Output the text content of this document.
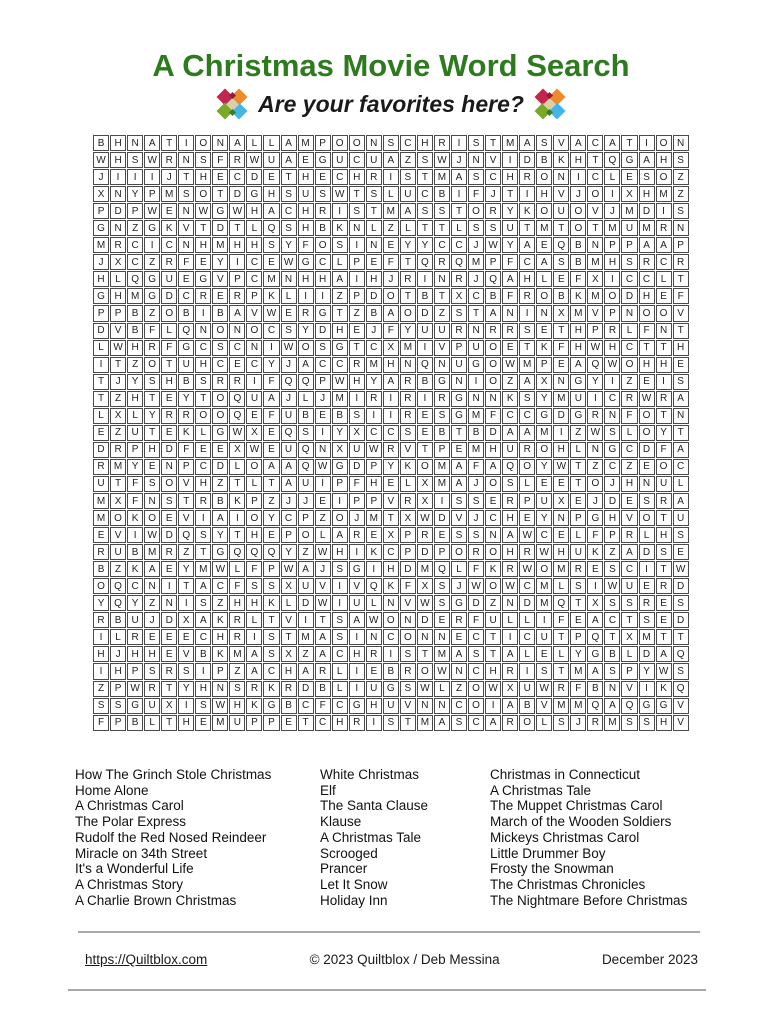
A Christmas Movie Word Search
Are your favorites here?
B	H N	A	T	I	O N	A	L	L	A M P O O N	S	C H R	I	S	T M A	S	V	A	C	A	T	I	O N
W H	S W R N	S	F	R W U	A	E G U C U	A	Z	S W J	N	V	I	D	B	K	H	T	Q G A	H	S
J	I	I	I	J	T	H	E	C D	E	T	H	E	C H R	I	S	T M A	S	C H R O N	I	C	L	E	S O	Z
X	N	Y	P M S O	T	D G H	S	U	S W T	S	L	U C	B	I	F	J	T	I	H	V	J	O	I	X	H M Z
P	D	P W E	N W G W H	A	C H R	I	S	T M A	S	S	T	O R	Y	K O U O V	J	M D	I	S
G N	Z	G K	V	T	D	T	L	Q S	H	B	K	N	L	Z	L	T	T	L	S	S	U	T M T	O	T M U M R N
M R C	I	C N H M H H	S	Y	F	O S	I	N	E	Y	Y	C C	J W Y	A	E Q B	N	P	P	A	A	P
J	X	C	Z	R	F	E	Y	I	C	E W G C	L	P	E	F	T	Q R Q M P	F	C	A	S	B M H	S	R C R
H	L	Q G U	E G V	P	C M N H H	A	I	H	J	R	I	N R	J	Q A	H	L	E	F	X	I	C C	L	T
G H M G D C R	E	R	P	K	L	I	I	Z	P	D O	T	B	T	X	C	B	F	R O B	K M O D H	E	F
P	P	B	Z	O B	I	B	A	V W E	R G	T	Z	B	A O D	Z	S	T	A	N	I	N	X M V	P	N O O V
D	V	B	F	L	Q N O N O C	S	Y	D H	E	J	F	Y	U U R N R R	S	E	T	H	P	R	L	F	N	T
L W H R	F	G C	S	C N	I	W O S G	T	C	X M	I	V	P	U O E	T	K	F	H W H C	T	T	H
I	T	Z	O	T	U H C	E	C	Y	J	A	C C R M H N Q N U G O W M P	E	A Q W O H H	E
T	J	Y	S	H	B	S	R R	I	F	Q Q P W H	Y	A	R	B G N	I	O	Z	A	X	N G Y	I	Z	E	I	S
T	Z	H	T	E	Y	T	O Q U	A	J	L	J	M	I	R	I	R	I	R G N N	K	S	Y M U	I	C R W R	A
L	X	L	Y	R R O O Q E	F	U	B	E	B	S	I	I	R	E	S G M F	C C G D G R N	F	O	T	N
E	Z	U	T	E	K	L	G W X	E Q S	I	Y	X	C C	S	E	B	T	B	D	A	A M	I	Z W S	L	O Y	T
D R	P	H D	F	E	E	X W E	U Q N	X	U W R	V	T	P	E M H U R O H	L	N G C D	F	A
R M Y	E	N	P	C D	L	O A	A Q W G D	P	Y	K O M A	F	A Q O Y W T	Z	C	Z	E O C
U	T	F	S O V	H	Z	T	L	T	A	U	I	P	F	H	E	L	X M A	J	O S	L	E	E	T	O	J	H N U	L
M X	F	N	S	T	R	B	K	P	Z	J	J	E	I	P	P	V	R	X	I	S	S	E	R	P	U	X	E	J	D	E	S	R	A
M O K O E	V	I	A	I	O Y	C	P	Z	O	J	M T	X W D	V	J	C H	E	Y	N	P G H	V O	T	U
E	V	I	W D Q S	Y	T	H	E	P O	L	A	R	E	X	P	R	E	S	S	N	A W C	E	L	F	P	R	L	H	S
R U	B M R	Z	T	G Q Q Q Y	Z W H	I	K	C	P	D	P O R O H R W H U	K	Z	A	D	S	E
B	Z	K	A	E	Y M W L	F	P W A	J	S G	I	H D M Q	L	F	K	R W O M R	E	S	C	I	T W
O Q C N	I	T	A	C	F	S	S	X	U	V	I	V Q K	F	X	S	J W O W C M	L	S	I	W U	E	R D
Y Q Y	Z	N	I	S	Z	H H	K	L	D W	I	U	L	N	V W S G D	Z	N D M Q	T	X	S	S	R	E	S
R	B	U	J	D	X	A	K	R	L	T	V	I	T	S	A W O N D	E	R	F	U	L	L	I	F	E	A	C	T	S	E	D
I	L	R	E	E	E	C H R	I	S	T M A	S	I	N C O N N	E	C	T	I	C U	T	P Q	T	X M T	T
H	J	H H	E	V	B	K M A	S	X	Z	A	C H R	I	S	T M A	S	T	A	L	E	L	Y G B	L	D	A Q
I	H	P	S	R	S	I	P	Z	A	C H	A	R	L	I	E	B	R O W N C H R	I	S	T M A	S	P	Y W S
Z	P W R	T	Y	H N	S	R	K	R D	B	L	I	U G S W L	Z	O W X	U W R	F	B	N	V	I	K Q
S	S G U	X	I	S W H	K G B	C	F	C G H U	V	N N C O	I	A	B	V M M Q A Q G G V
F	P	B	L	T	H	E M U	P	P	E	T	C H R	I	S	T M A	S	C	A	R O	L	S	J	R M S	S	H	V
How The Grinch Stole Christmas
Home Alone
A Christmas Carol
The Polar Express
Rudolf the Red Nosed Reindeer
Miracle on 34th Street
It's a Wonderful Life
A Christmas Story
A Charlie Brown Christmas
White Christmas
Elf
The Santa Clause
Klause
A Christmas Tale
Scrooged
Prancer
Let It Snow
Holiday Inn
Christmas in Connecticut
A Christmas Tale
The Muppet Christmas Carol
March of the Wooden Soldiers
Mickeys Christmas Carol
Little Drummer Boy
Frosty the Snowman
The Christmas Chronicles
The Nightmare Before Christmas
https://Quiltblox.com	© 2023 Quiltblox / Deb Messina	December 2023
